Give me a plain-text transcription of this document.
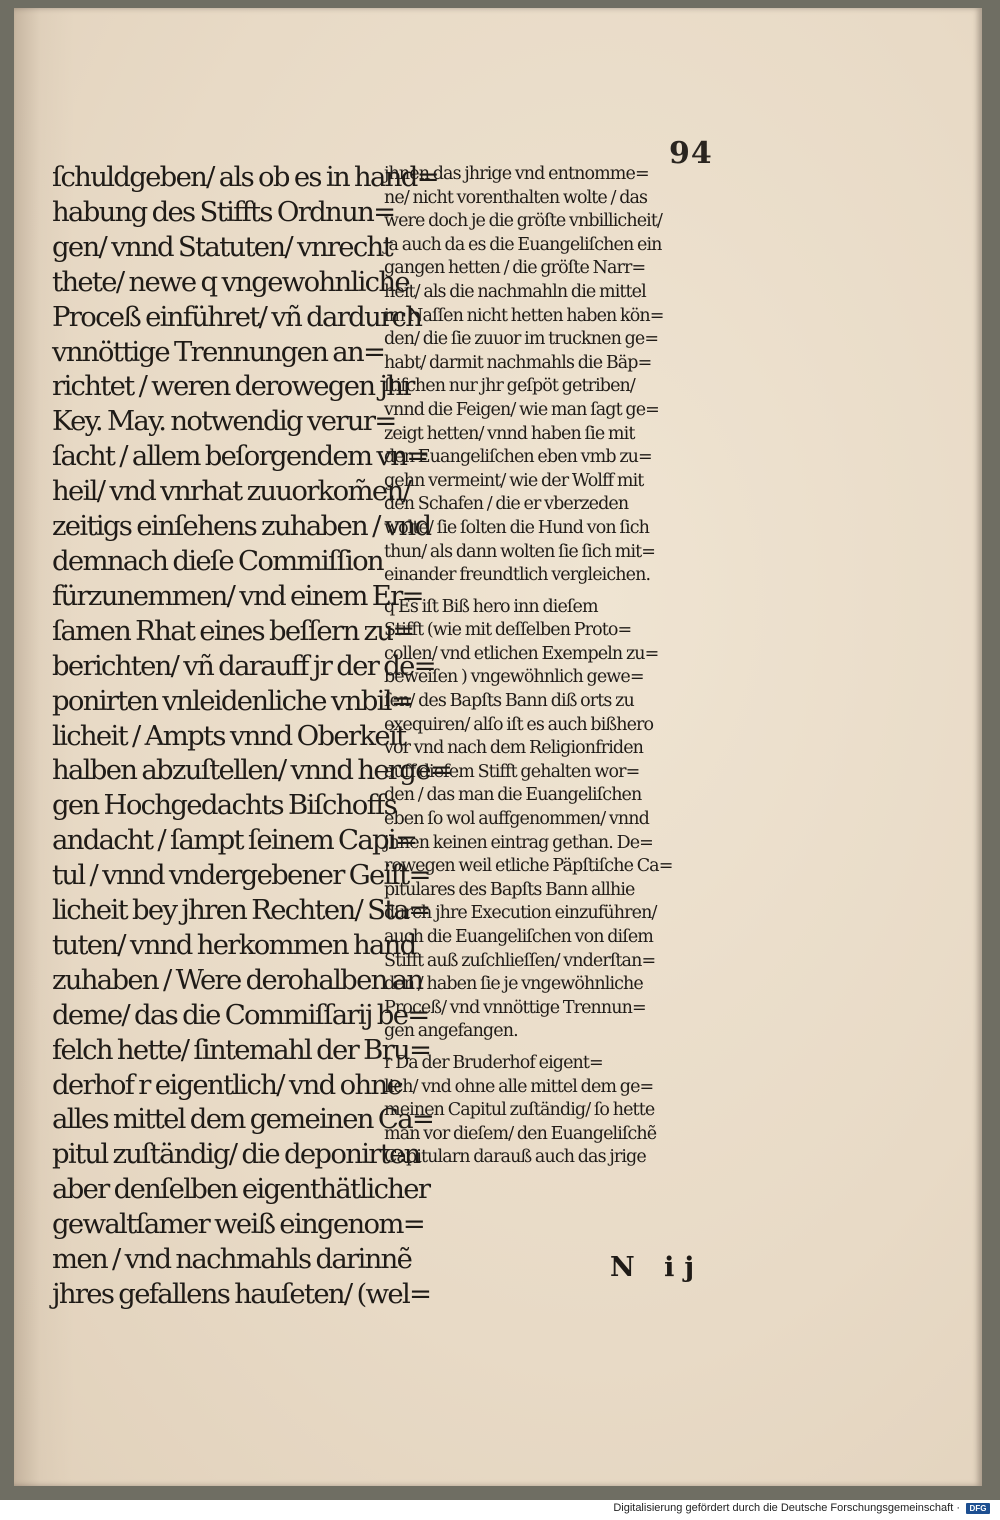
94
ſchuldgeben/ als ob es in hand=
habung des Stiffts Ordnun=
gen/ vnnd Statuten/ vnrecht
thete/ newe q vngewohnliche
Proceß einführet/ vñ dardurch
vnnöttige Trennungen an=
richtet / weren derowegen jhr
Key. May. notwendig verur=
ſacht / allem beſorgendem vn=
heil/ vnd vnrhat zuuorkom̃en/
zeitigs einſehens zuhaben / vnd
demnach dieſe Commiſſion
fürzunemmen/ vnd einem Er=
ſamen Rhat eines beſſern zu=
berichten/ vñ darauff jr der de=
ponirten vnleidenliche vnbil=
licheit / Ampts vnnd Oberkeit
halben abzuſtellen/ vnnd herge=
gen Hochgedachts Biſchoffs
andacht / ſampt ſeinem Capi=
tul / vnnd vndergebener Geiſt=
licheit bey jhren Rechten/ Sta=
tuten/ vnnd herkommen hand
zuhaben / Were derohalben an
deme/ das die Commiſſarij be=
felch hette/ ſintemahl der Bru=
derhof r eigentlich/ vnd ohne
alles mittel dem gemeinen Ca=
pitul zuſtändig/ die deponirten
aber denſelben eigenthätlicher
gewaltſamer weiß eingenom=
men / vnd nachmahls darinnẽ
jhres gefallens hauſeten/ (wel=
jhnen das jhrige vnd entnomme=
ne/ nicht vorenthalten wolte / das
were doch je die gröſte vnbillicheit/
ja auch da es die Euangeliſchen ein
gangen hetten / die gröſte Narr=
heit/ als die nachmahln die mittel
im Naſſen nicht hetten haben kön=
den/ die ſie zuuor im trucknen ge=
habt/ darmit nachmahls die Bäp=
ſtiſchen nur jhr geſpöt getriben/
vnnd die Feigen/ wie man ſagt ge=
zeigt hetten/ vnnd haben ſie mit
den Euangeliſchen eben vmb zu=
gehn vermeint/ wie der Wolff mit
den Schafen / die er vberzeden
wolte/ ſie ſolten die Hund von ſich
thun/ als dann wolten ſie ſich mit=
einander freundtlich vergleichen.
q Es iſt Biß hero inn dieſem
Stifft (wie mit deſſelben Proto=
collen/ vnd etlichen Exempeln zu=
beweiſen ) vngewöhnlich gewe=
ſen/ des Bapſts Bann diß orts zu
exequiren/ alſo iſt es auch bißhero
vor vnd nach dem Religionfriden
auff dieſem Stifft gehalten wor=
den / das man die Euangeliſchen
eben ſo wol auffgenommen/ vnnd
jhnen keinen eintrag gethan. De=
rowegen weil etliche Päpſtiſche Ca=
pitulares des Bapſts Bann allhie
durch jhre Execution einzuführen/
auch die Euangeliſchen von diſem
Stifft auß zuſchlieſſen/ vnderſtan=
den / haben ſie je vngewöhnliche
Proceß/ vnd vnnöttige Trennun=
gen angefangen.
r Da der Bruderhof eigent=
lich/ vnd ohne alle mittel dem ge=
meinen Capitul zuſtändig/ ſo hette
man vor dieſem/ den Euangeliſchẽ
Capitularn darauß auch das jrige
N ij
Digitalisierung gefördert durch die Deutsche Forschungsgemeinschaft ·	DFG
